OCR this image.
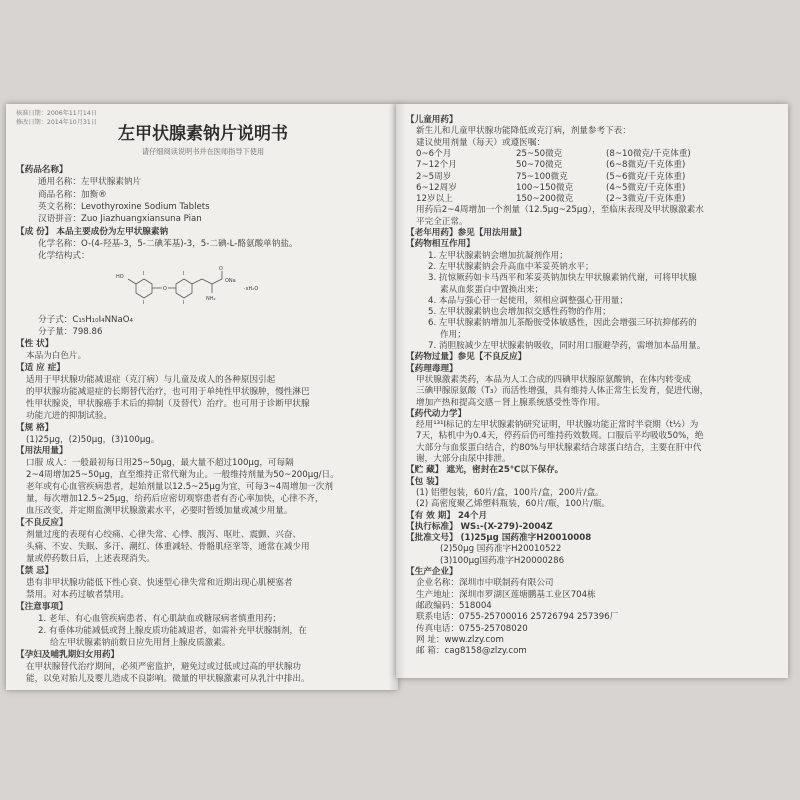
核准日期：2006年11月14日
修改日期：2014年10月31日
左甲状腺素钠片说明书
请仔细阅读说明书并在医师指导下使用
【药品名称】
通用名称：左甲状腺素钠片
商品名称：加衡®
英文名称：Levothyroxine Sodium Tablets
汉语拼音：Zuo Jiazhuangxiansuna Pian
【成 份】 本品主要成份为左甲状腺素钠
化学名称：O-(4-羟基-3，5-二碘苯基)-3，5-二碘-L-酪氨酸单钠盐。
化学结构式：
分子式：C₁₅H₁₀I₄NNaO₄
分子量：798.86
【性 状】
本品为白色片。
【适 应 症】
适用于甲状腺功能减退症（克汀病）与儿童及成人的各种原因引起
的甲状腺功能减退症的长期替代治疗，也可用于单纯性甲状腺肿，慢性淋巴
性甲状腺炎，甲状腺癌手术后的抑制（及替代）治疗。也可用于诊断甲状腺
功能亢进的抑制试验。
【规 格】
(1)25μg，(2)50μg，(3)100μg。
【用法用量】
口服 成人：一般最初每日用25~50μg，最大量不超过100μg，可每隔
2~4周增加25~50μg，直至维持正常代谢为止。一般维持剂量为50~200μg/日。
老年或有心血管疾病患者，起始剂量以12.5~25μg为宜，可每3~4周增加一次剂
量，每次增加12.5~25μg，给药后应密切观察患者有否心率加快，心律不齐，
血压改变，并定期监测甲状腺激素水平，必要时暂缓加量或减少用量。
【不良反应】
剂量过度的表现有心绞痛、心律失常、心悸、腹泻、呕吐、震颤、兴奋、
头痛、不安、失眠、多汗、潮红、体重减轻、骨骼肌痉挛等，通常在减少用
量或停药数日后，上述表现消失。
【禁 忌】
患有非甲状腺功能低下性心衰、快速型心律失常和近期出现心肌梗塞者
禁用。对本药过敏者禁用。
【注意事项】
1. 老年、有心血管疾病患者、有心肌缺血或糖尿病者慎重用药；
2. 有垂体功能减低或肾上腺皮质功能减退者，如需补充甲状腺制剂，在
给左甲状腺素钠前数日应先用肾上腺皮质激素。
【孕妇及哺乳期妇女用药】
在甲状腺替代治疗期间，必须严密监护，避免过或过低或过高的甲状腺功
能，以免对胎儿及婴儿造成不良影响。微量的甲状腺激素可从乳汁中排出。
HO	I
I
O
I
I
ONa
NH₂
·xH₂O
O
【儿童用药】
新生儿和儿童甲状腺功能降低或克汀病，剂量参考下表：
建议使用剂量（每天）或遵医嘱：
0~6个月	25~50微克	(8~10微克/千克体重)
7~12个月	50~70微克	(6~8微克/千克体重)
2~5周岁	75~100微克	(5~6微克/千克体重)
6~12周岁	100~150微克	(4~5微克/千克体重)
12岁以上	150~200微克	(2~3微克/千克体重)
用药后2~4周增加一个剂量（12.5μg~25μg），至临床表现及甲状腺激素水
平完全正常。
【老年用药】参见【用法用量】
【药物相互作用】
1. 左甲状腺素钠会增加抗凝剂作用；
2. 左甲状腺素钠会升高血中苯妥英钠水平；
3. 抗惊厥药如卡马西平和苯妥英钠加快左甲状腺素钠代谢，可将甲状腺
素从血浆蛋白中置换出来；
4. 本品与强心苷一起使用，须相应调整强心苷用量；
5. 左甲状腺素钠也会增加拟交感性药物的作用；
6. 左甲状腺素钠增加儿茶酚胺受体敏感性，因此会增强三环抗抑郁药的
作用；
7. 消胆胺减少左甲状腺素钠吸收，同时用口服避孕药，需增加本品用量。
【药物过量】参见【不良反应】
【药理毒理】
甲状腺激素类药，本品为人工合成的四碘甲状腺原氨酸钠，在体内转变成
三碘甲腺原氨酸（T₃）而活性增强，具有维持人体正常生长发育，促进代谢，
增加产热和提高交感－肾上腺系统感受性等作用。
【药代动力学】
经用¹³¹I标记的左甲状腺素钠研究证明，甲状腺功能正常时半衰期（t½）为
7天，粘机中为0.4天，停药后仍可维持药效数周。口服后平均吸收50%，绝
大部分与血浆蛋白结合，约80%与甲状腺素结合球蛋白结合，主要在肝中代
谢，大部分由尿中排泄。
【贮 藏】 遮光，密封在25℃以下保存。
【包 装】
(1) 铝塑包装，60片/盒，100片/盒，200片/盒。
(2) 高密度聚乙烯塑料瓶装，60片/瓶，100片/瓶。
【有 效 期】 24个月
【执行标准】 WS₁-(X-279)-2004Z
【批准文号】 (1)25μg 国药准字H20010008
(2)50μg 国药准字H20010522
(3)100μg国药准字H20000286
【生产企业】
企业名称：深圳市中联制药有限公司
生产地址：深圳市罗湖区莲塘鹏基工业区704栋
邮政编码：518004
联系电话：0755-25700016 25726794 257396厂
传真电话：0755-25708020
网 址：www.zlzy.com
邮 箱：cag8158@zlzy.com
